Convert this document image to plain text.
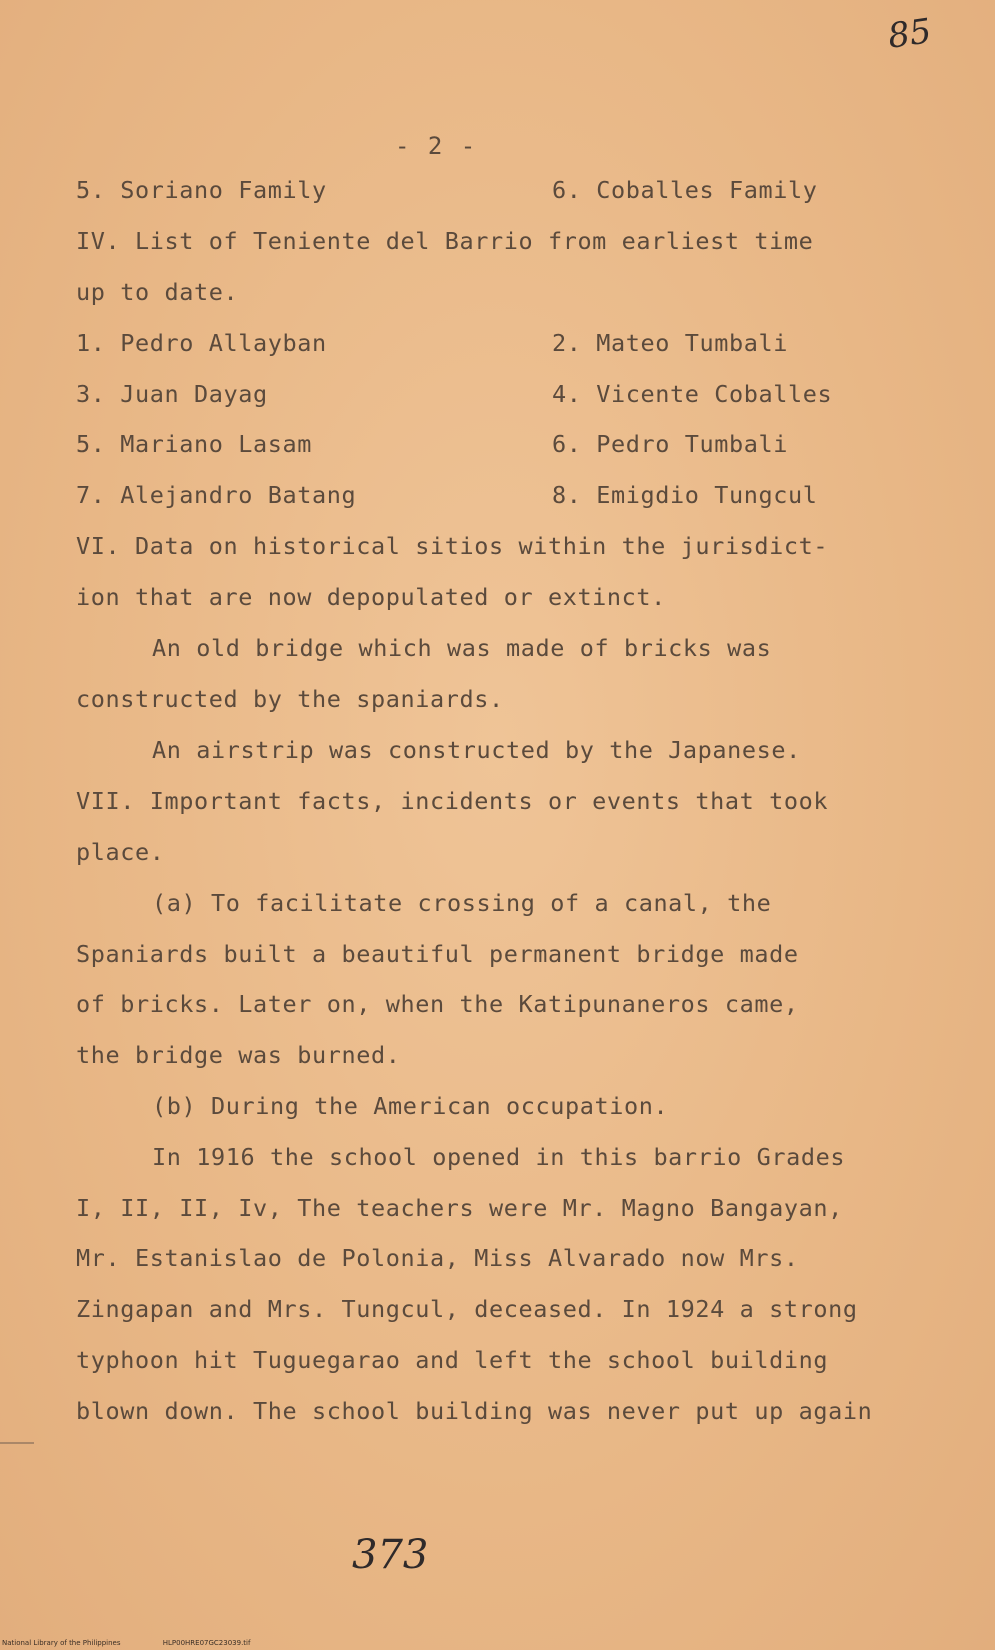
85
- 2 -
5. Soriano Family	6. Coballes Family
IV. List of Teniente del Barrio from earliest time
up to date.
1. Pedro Allayban	2. Mateo Tumbali
3. Juan Dayag	4. Vicente Coballes
5. Mariano Lasam	6. Pedro Tumbali
7. Alejandro Batang	8. Emigdio Tungcul
VI. Data on historical sitios within the jurisdict-
ion that are now depopulated or extinct.
An old bridge which was made of bricks was
constructed by the spaniards.
An airstrip was constructed by the Japanese.
VII. Important facts, incidents or events that took
place.
(a) To facilitate crossing of a canal, the
Spaniards built a beautiful permanent bridge made
of bricks. Later on, when the Katipunaneros came,
the bridge was burned.
(b) During the American occupation.
In 1916 the school opened in this barrio Grades
I, II, II, Iv, The teachers were Mr. Magno Bangayan,
Mr. Estanislao de Polonia, Miss Alvarado now Mrs.
Zingapan and Mrs. Tungcul, deceased. In 1924 a strong
typhoon hit Tuguegarao and left the school building
blown down. The school building was never put up again
373
National Library of the Philippines	HLP00HRE07GC23039.tif
